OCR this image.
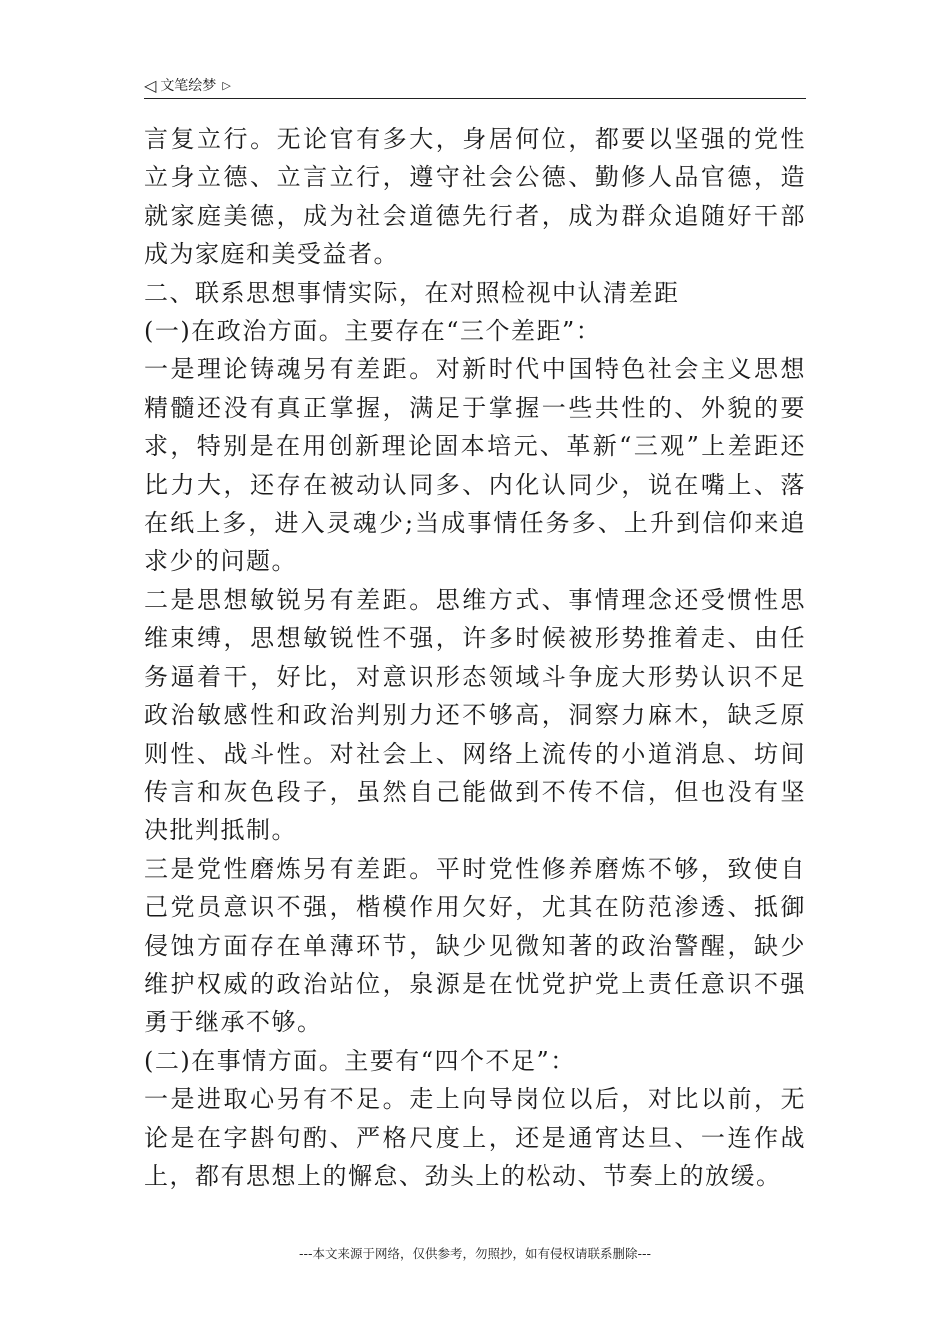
◁ 文笔绘梦 ▷

言复立行。无论官有多大，身居何位，都要以坚强的党性立身立德、立言立行，遵守社会公德、勤修人品官德，造就家庭美德，成为社会道德先行者，成为群众追随好干部成为家庭和美受益者。

二、联系思想事情实际，在对照检视中认清差距

(一)在政治方面。主要存在“三个差距”：

一是理论铸魂另有差距。对新时代中国特色社会主义思想精髓还没有真正掌握，满足于掌握一些共性的、外貌的要求，特别是在用创新理论固本培元、革新“三观”上差距还比力大，还存在被动认同多、内化认同少，说在嘴上、落在纸上多，进入灵魂少;当成事情任务多、上升到信仰来追求少的问题。

二是思想敏锐另有差距。思维方式、事情理念还受惯性思维束缚，思想敏锐性不强，许多时候被形势推着走、由任务逼着干，好比，对意识形态领域斗争庞大形势认识不足政治敏感性和政治判别力还不够高，洞察力麻木，缺乏原则性、战斗性。对社会上、网络上流传的小道消息、坊间传言和灰色段子，虽然自己能做到不传不信，但也没有坚决批判抵制。

三是党性磨炼另有差距。平时党性修养磨炼不够，致使自己党员意识不强，楷模作用欠好，尤其在防范渗透、抵御侵蚀方面存在单薄环节，缺少见微知著的政治警醒，缺少维护权威的政治站位，泉源是在忧党护党上责任意识不强勇于继承不够。

(二)在事情方面。主要有“四个不足”：

一是进取心另有不足。走上向导岗位以后，对比以前，无论是在字斟句酌、严格尺度上，还是通宵达旦、一连作战上，都有思想上的懈怠、劲头上的松动、节奏上的放缓。

---本文来源于网络，仅供参考，勿照抄，如有侵权请联系删除---
